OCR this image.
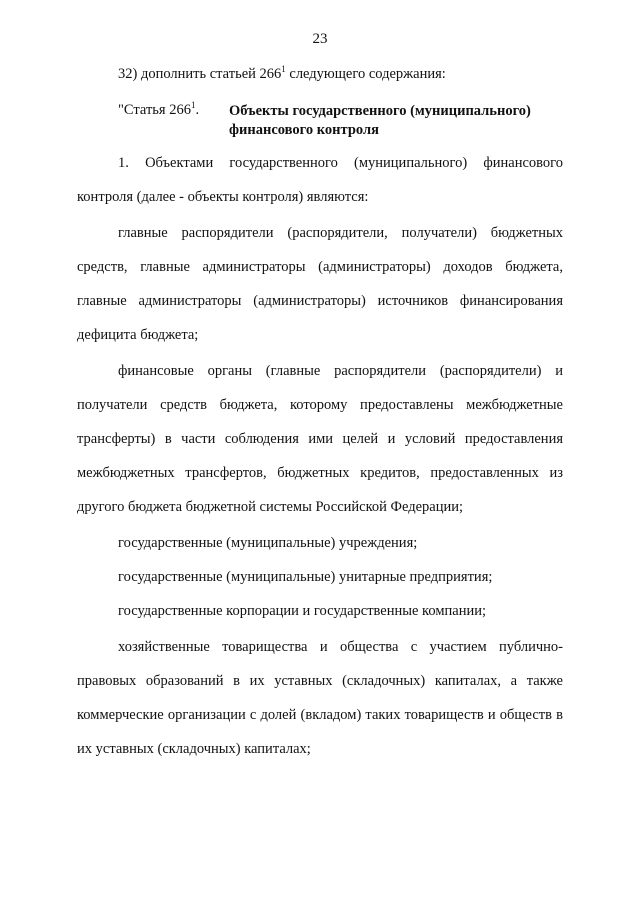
23
32) дополнить статьей $266^1$ следующего содержания:
"Статья $266^1$. Объекты государственного (муниципального)
финансового контроля

1. Объектами государственного (муниципального) финансового контроля (далее - объекты контроля) являются:

главные распорядители (распорядители, получатели) бюджетных средств, главные администраторы (администраторы) доходов бюджета, главные администраторы (администраторы) источников финансирования дефицита бюджета;

финансовые органы (главные распорядители (распорядители) и получатели средств бюджета, которому предоставлены межбюджетные трансферты) в части соблюдения ими целей и условий предоставления межбюджетных трансфертов, бюджетных кредитов, предоставленных из другого бюджета бюджетной системы Российской Федерации;

государственные (муниципальные) учреждения;

государственные (муниципальные) унитарные предприятия;

государственные корпорации и государственные компании;

хозяйственные товарищества и общества с участием публично-правовых образований в их уставных (складочных) капиталах, а также коммерческие организации с долей (вкладом) таких товариществ и обществ в их уставных (складочных) капиталах;
